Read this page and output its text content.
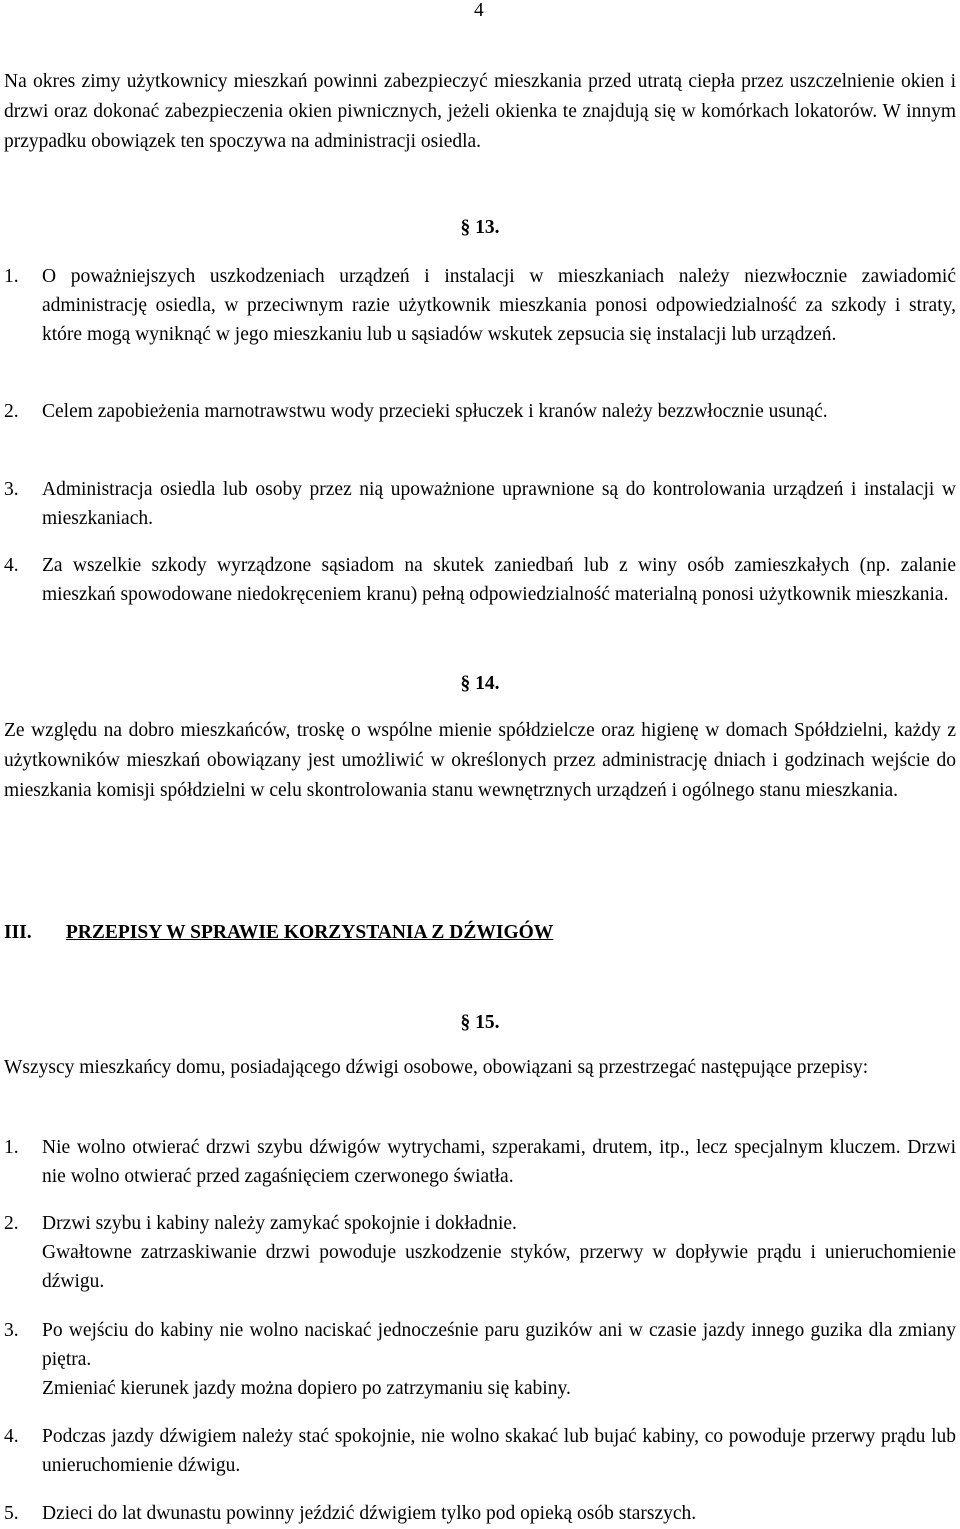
4
Na okres zimy użytkownicy mieszkań powinni zabezpieczyć mieszkania przed utratą ciepła przez uszczelnienie okien i drzwi oraz dokonać zabezpieczenia okien piwnicznych, jeżeli okienka te znajdują się w komórkach lokatorów. W innym przypadku obowiązek ten spoczywa na administracji osiedla.
§ 13.
1. O poważniejszych uszkodzeniach urządzeń i instalacji w mieszkaniach należy niezwłocznie zawiadomić administrację osiedla, w przeciwnym razie użytkownik mieszkania ponosi odpowiedzialność za szkody i straty, które mogą wyniknąć w jego mieszkaniu lub u sąsiadów wskutek zepsucia się instalacji lub urządzeń.
2. Celem zapobieżenia marnotrawstwu wody przecieki spłuczek i kranów należy bezzwłocznie usunąć.
3. Administracja osiedla lub osoby przez nią upoważnione uprawnione są do kontrolowania urządzeń i instalacji w mieszkaniach.
4. Za wszelkie szkody wyrządzone sąsiadom na skutek zaniedbań lub z winy osób zamieszkałych (np. zalanie mieszkań spowodowane niedokręceniem kranu) pełną odpowiedzialność materialną ponosi użytkownik mieszkania.
§ 14.
Ze względu na dobro mieszkańców, troskę o wspólne mienie spółdzielcze oraz higienę w domach Spółdzielni, każdy z użytkowników mieszkań obowiązany jest umożliwić w określonych przez administrację dniach i godzinach wejście do mieszkania komisji spółdzielni w celu skontrolowania stanu wewnętrznych urządzeń i ogólnego stanu mieszkania.
III. PRZEPISY W SPRAWIE KORZYSTANIA Z DŹWIGÓW
§ 15.
Wszyscy mieszkańcy domu, posiadającego dźwigi osobowe, obowiązani są przestrzegać następujące przepisy:
1. Nie wolno otwierać drzwi szybu dźwigów wytrychami, szperakami, drutem, itp., lecz specjalnym kluczem. Drzwi nie wolno otwierać przed zagaśnięciem czerwonego światła.
2. Drzwi szybu i kabiny należy zamykać spokojnie i dokładnie.
Gwałtowne zatrzaskiwanie drzwi powoduje uszkodzenie styków, przerwy w dopływie prądu i unieruchomienie dźwigu.
3. Po wejściu do kabiny nie wolno naciskać jednocześnie paru guzików ani w czasie jazdy innego guzika dla zmiany piętra.
Zmieniać kierunek jazdy można dopiero po zatrzymaniu się kabiny.
4. Podczas jazdy dźwigiem należy stać spokojnie, nie wolno skakać lub bujać kabiny, co powoduje przerwy prądu lub unieruchomienie dźwigu.
5. Dzieci do lat dwunastu powinny jeździć dźwigiem tylko pod opieką osób starszych.
